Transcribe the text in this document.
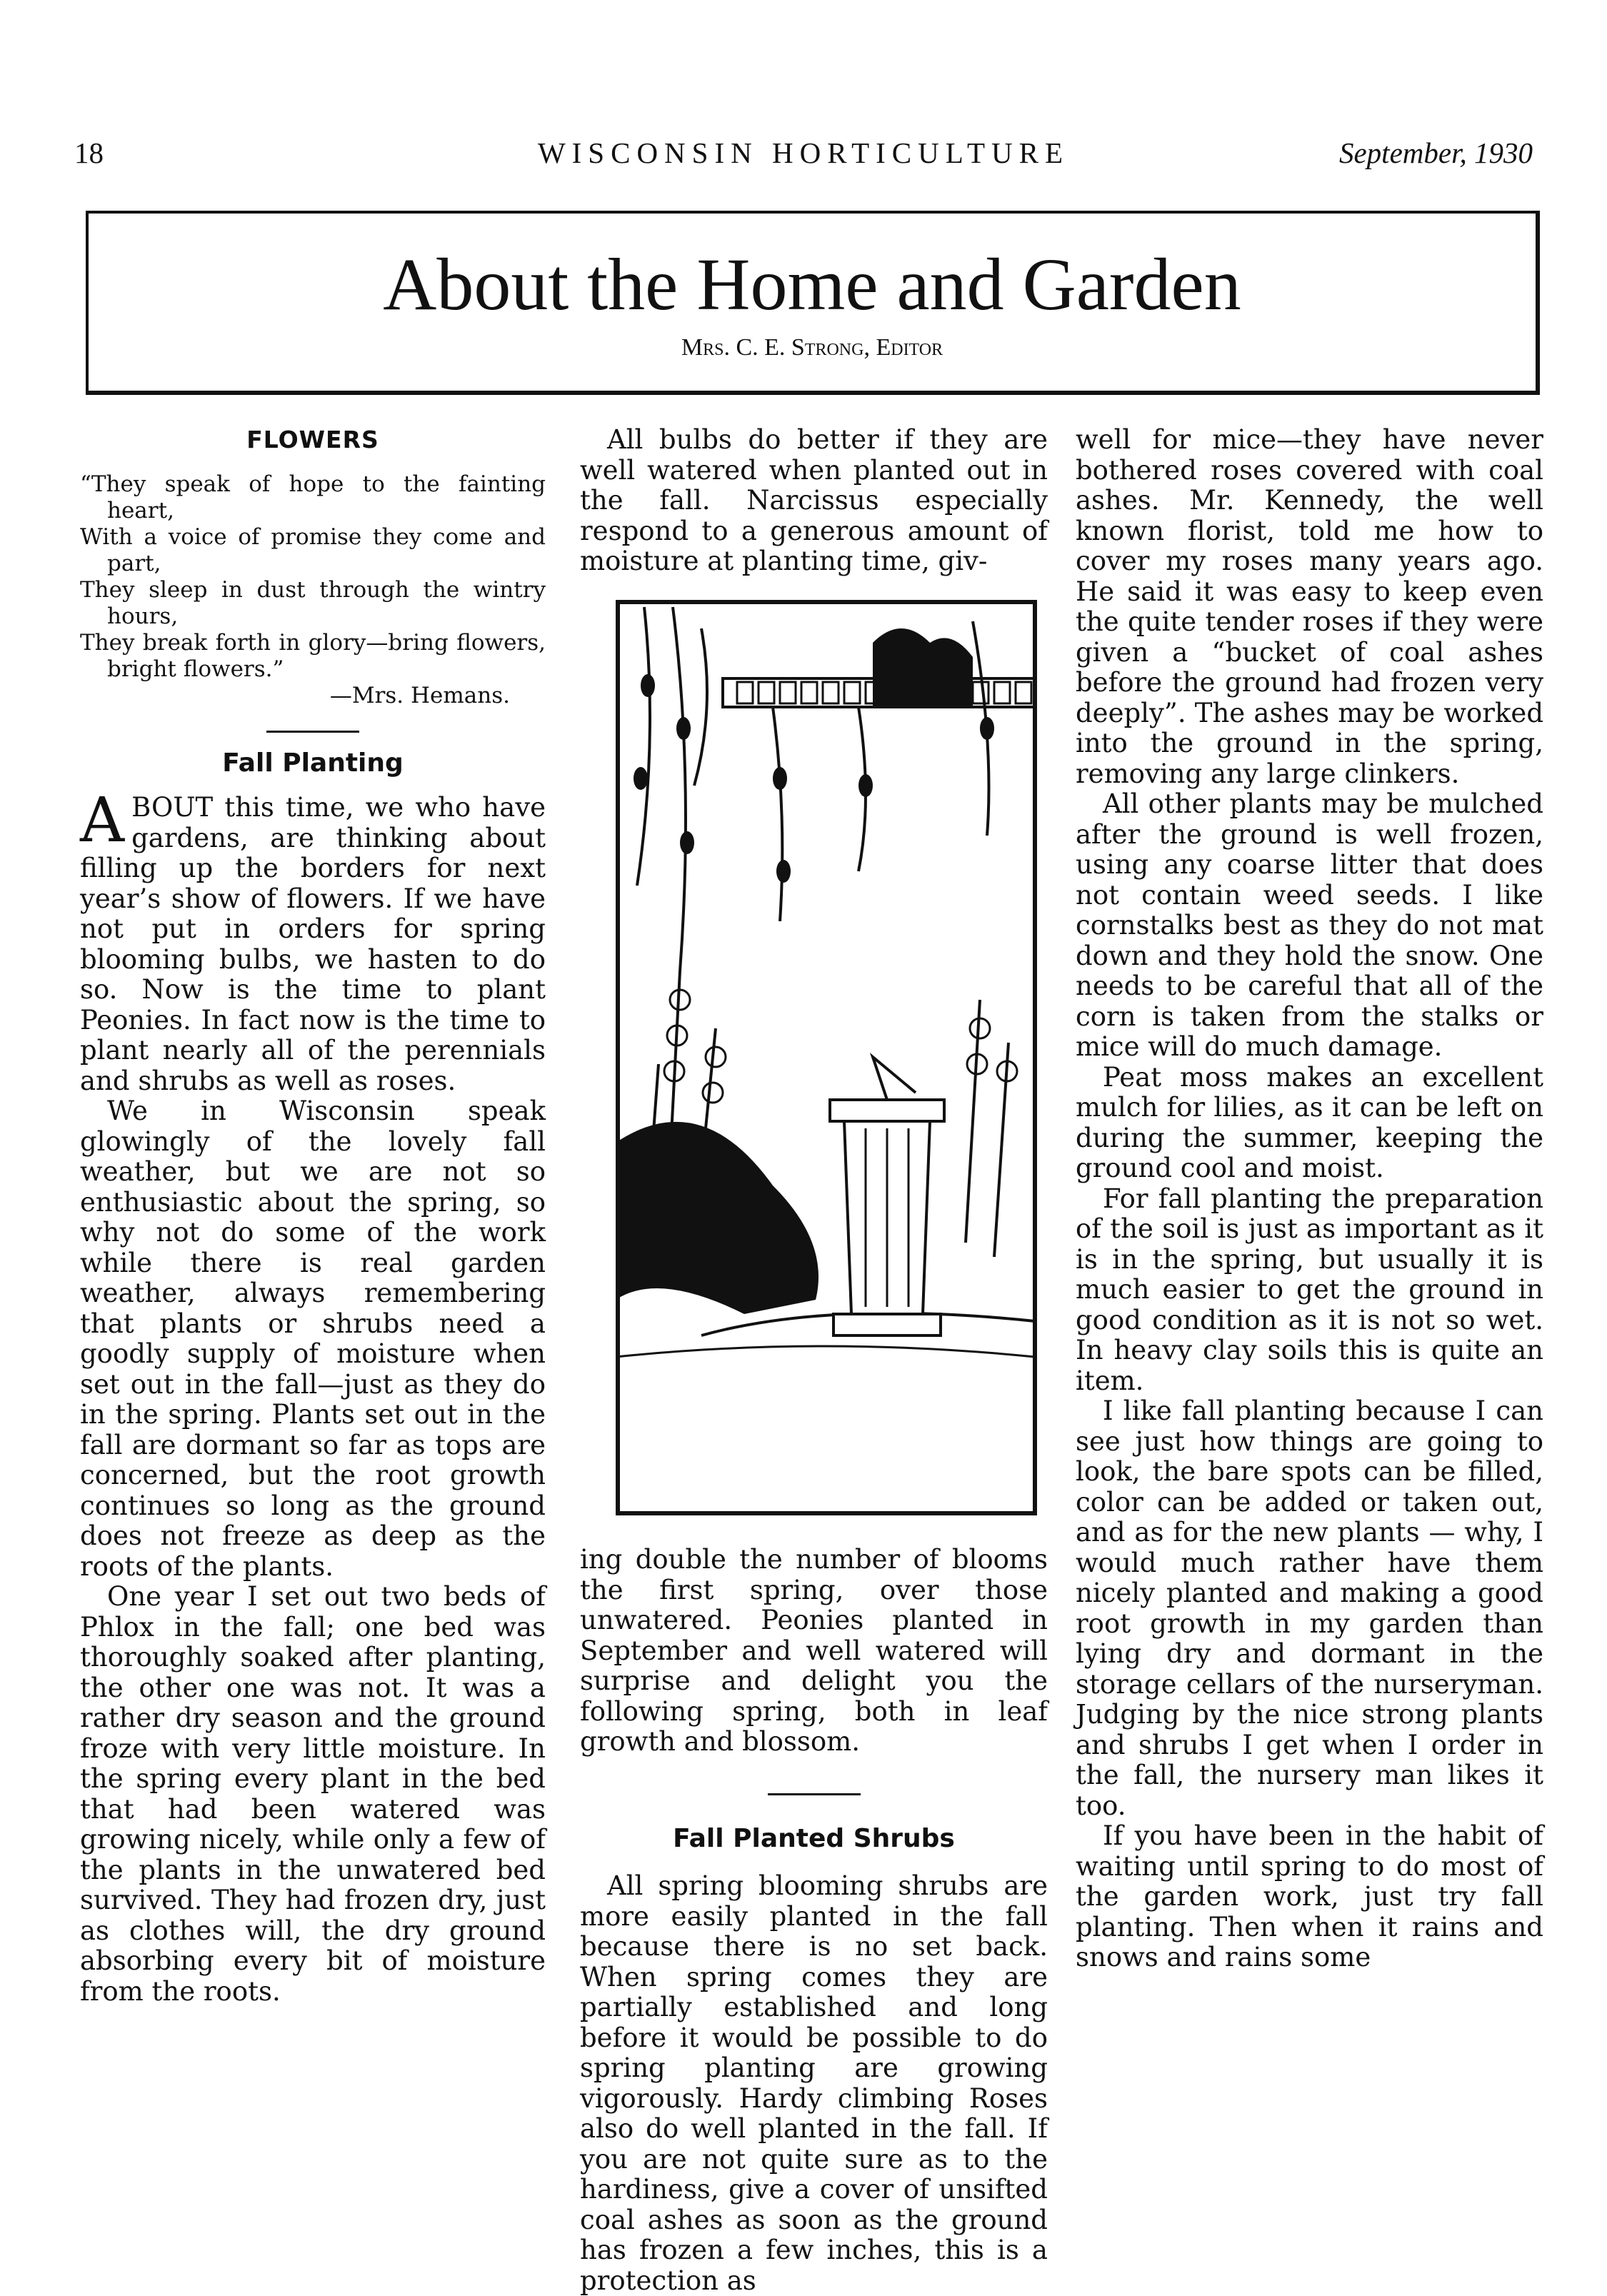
18	WISCONSIN HORTICULTURE	September, 1930
About the Home and Garden
Mrs. C. E. Strong, Editor
FLOWERS
“They speak of hope to the fainting heart,
With a voice of promise they come and part,
They sleep in dust through the wintry hours,
They break forth in glory—bring flowers, bright flowers.”
—Mrs. Hemans.
Fall Planting

ABOUT this time, we who have gardens, are thinking about filling up the borders for next year’s show of flowers. If we have not put in orders for spring blooming bulbs, we hasten to do so. Now is the time to plant Peonies. In fact now is the time to plant nearly all of the perennials and shrubs as well as roses.

We in Wisconsin speak glowingly of the lovely fall weather, but we are not so enthusiastic about the spring, so why not do some of the work while there is real garden weather, always remembering that plants or shrubs need a goodly supply of moisture when set out in the fall—just as they do in the spring. Plants set out in the fall are dormant so far as tops are concerned, but the root growth continues so long as the ground does not freeze as deep as the roots of the plants.

One year I set out two beds of Phlox in the fall; one bed was thoroughly soaked after planting, the other one was not. It was a rather dry season and the ground froze with very little moisture. In the spring every plant in the bed that had been watered was growing nicely, while only a few of the plants in the unwatered bed survived. They had frozen dry, just as clothes will, the dry ground absorbing every bit of moisture from the roots.

All bulbs do better if they are well watered when planted out in the fall. Narcissus especially respond to a generous amount of moisture at planting time, giv-

ing double the number of blooms the first spring, over those unwatered. Peonies planted in September and well watered will surprise and delight you the following spring, both in leaf growth and blossom.

Fall Planted Shrubs

All spring blooming shrubs are more easily planted in the fall because there is no set back. When spring comes they are partially established and long before it would be possible to do spring planting are growing vigorously. Hardy climbing Roses also do well planted in the fall. If you are not quite sure as to the hardiness, give a cover of unsifted coal ashes as soon as the ground has frozen a few inches, this is a protection as

well for mice—they have never bothered roses covered with coal ashes. Mr. Kennedy, the well known florist, told me how to cover my roses many years ago. He said it was easy to keep even the quite tender roses if they were given a “bucket of coal ashes before the ground had frozen very deeply”. The ashes may be worked into the ground in the spring, removing any large clinkers.

All other plants may be mulched after the ground is well frozen, using any coarse litter that does not contain weed seeds. I like cornstalks best as they do not mat down and they hold the snow. One needs to be careful that all of the corn is taken from the stalks or mice will do much damage.

Peat moss makes an excellent mulch for lilies, as it can be left on during the summer, keeping the ground cool and moist.

For fall planting the preparation of the soil is just as important as it is in the spring, but usually it is much easier to get the ground in good condition as it is not so wet. In heavy clay soils this is quite an item.

I like fall planting because I can see just how things are going to look, the bare spots can be filled, color can be added or taken out, and as for the new plants — why, I would much rather have them nicely planted and making a good root growth in my garden than lying dry and dormant in the storage cellars of the nurseryman. Judging by the nice strong plants and shrubs I get when I order in the fall, the nursery man likes it too.

If you have been in the habit of waiting until spring to do most of the garden work, just try fall planting. Then when it rains and snows and rains some
